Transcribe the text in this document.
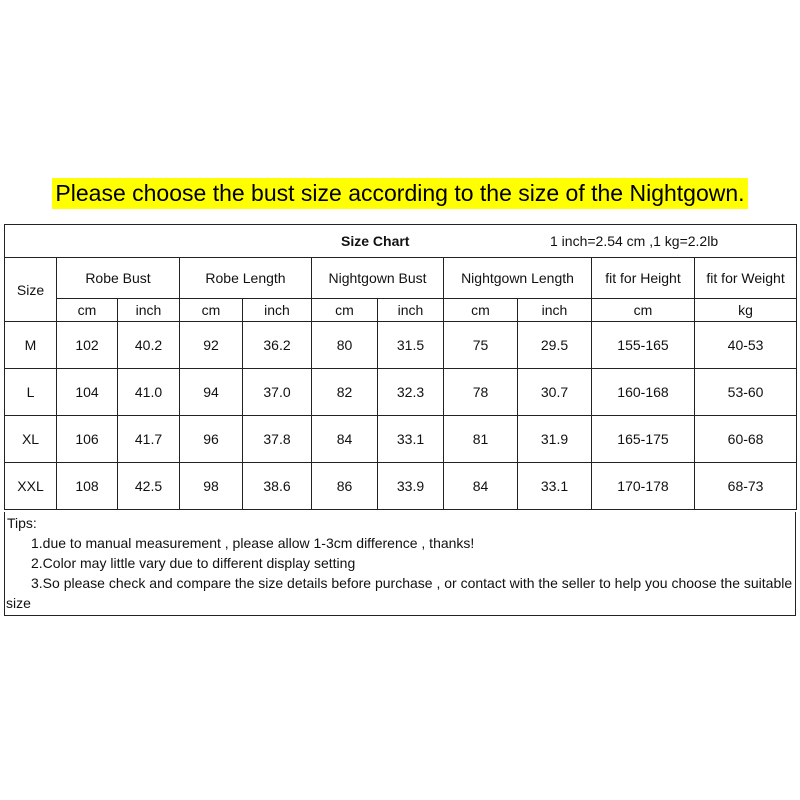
Please choose the bust size according to the size of the Nightgown.
Size Chart 1 inch=2.54 cm ,1 kg=2.2lb										

Size	Robe Bust		Robe Length		Nightgown Bust		Nightgown Length		fit for Height	fit for Weight
	cm	inch	cm	inch	cm	inch	cm	inch	cm	kg
M	102	40.2	92	36.2	80	31.5	75	29.5	155-165	40-53
L	104	41.0	94	37.0	82	32.3	78	30.7	160-168	53-60
XL	106	41.7	96	37.8	84	33.1	81	31.9	165-175	60-68
XXL	108	42.5	98	38.6	86	33.9	84	33.1	170-178	68-73
Tips:
1.due to manual measurement , please allow 1-3cm difference , thanks!
2.Color may little vary due to different display setting
3.So please check and compare the size details before purchase , or contact with the seller to help you choose the suitable
size
